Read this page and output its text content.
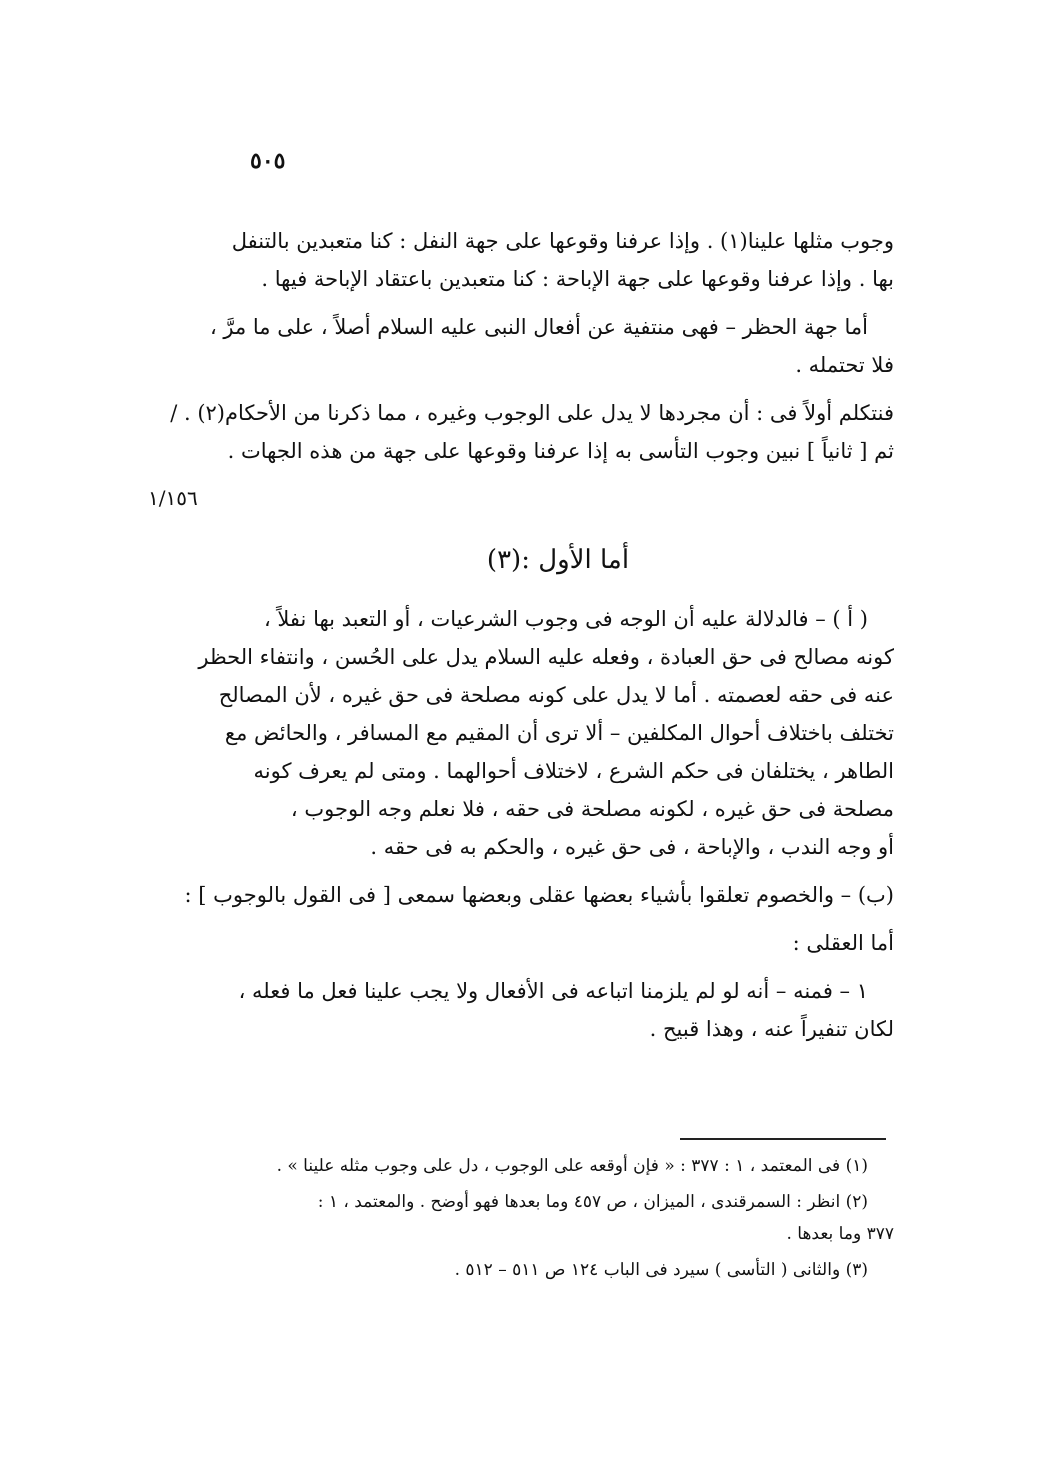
٥٠٥
وجوب مثلها علينا(١) . وإذا عرفنا وقوعها على جهة النفل : كنا متعبدين بالتنفل
بها . وإذا عرفنا وقوعها على جهة الإباحة : كنا متعبدين باعتقاد الإباحة فيها .
أما جهة الحظر – فهى منتفية عن أفعال النبى عليه السلام أصلاً ، على ما مرَّ ،
فلا تحتمله .
فنتكلم أولاً فى : أن مجردها لا يدل على الوجوب وغيره ، مما ذكرنا من الأحكام(٢) . /
ثم [ ثانياً ] نبين وجوب التأسى به إذا عرفنا وقوعها على جهة من هذه الجهات .
١/١٥٦
أما الأول :(٣)
( أ ) – فالدلالة عليه أن الوجه فى وجوب الشرعيات ، أو التعبد بها نفلاً ،
كونه مصالح فى حق العبادة ، وفعله عليه السلام يدل على الحُسن ، وانتفاء الحظر
عنه فى حقه لعصمته . أما لا يدل على كونه مصلحة فى حق غيره ، لأن المصالح
تختلف باختلاف أحوال المكلفين – ألا ترى أن المقيم مع المسافر ، والحائض مع
الطاهر ، يختلفان فى حكم الشرع ، لاختلاف أحوالهما . ومتى لم يعرف كونه
مصلحة فى حق غيره ، لكونه مصلحة فى حقه ، فلا نعلم وجه الوجوب ،
أو وجه الندب ، والإباحة ، فى حق غيره ، والحكم به فى حقه .
(ب) – والخصوم تعلقوا بأشياء بعضها عقلى وبعضها سمعى [ فى القول بالوجوب ] :
أما العقلى :
١ – فمنه – أنه لو لم يلزمنا اتباعه فى الأفعال ولا يجب علينا فعل ما فعله ،
لكان تنفيراً عنه ، وهذا قبيح .
(١) فى المعتمد ، ١ : ٣٧٧ : « فإن أوقعه على الوجوب ، دل على وجوب مثله علينا » .
(٢) انظر : السمرقندى ، الميزان ، ص ٤٥٧ وما بعدها فهو أوضح . والمعتمد ، ١ :
٣٧٧ وما بعدها .
(٣) والثانى ( التأسى ) سيرد فى الباب ١٢٤ ص ٥١١ – ٥١٢ .
